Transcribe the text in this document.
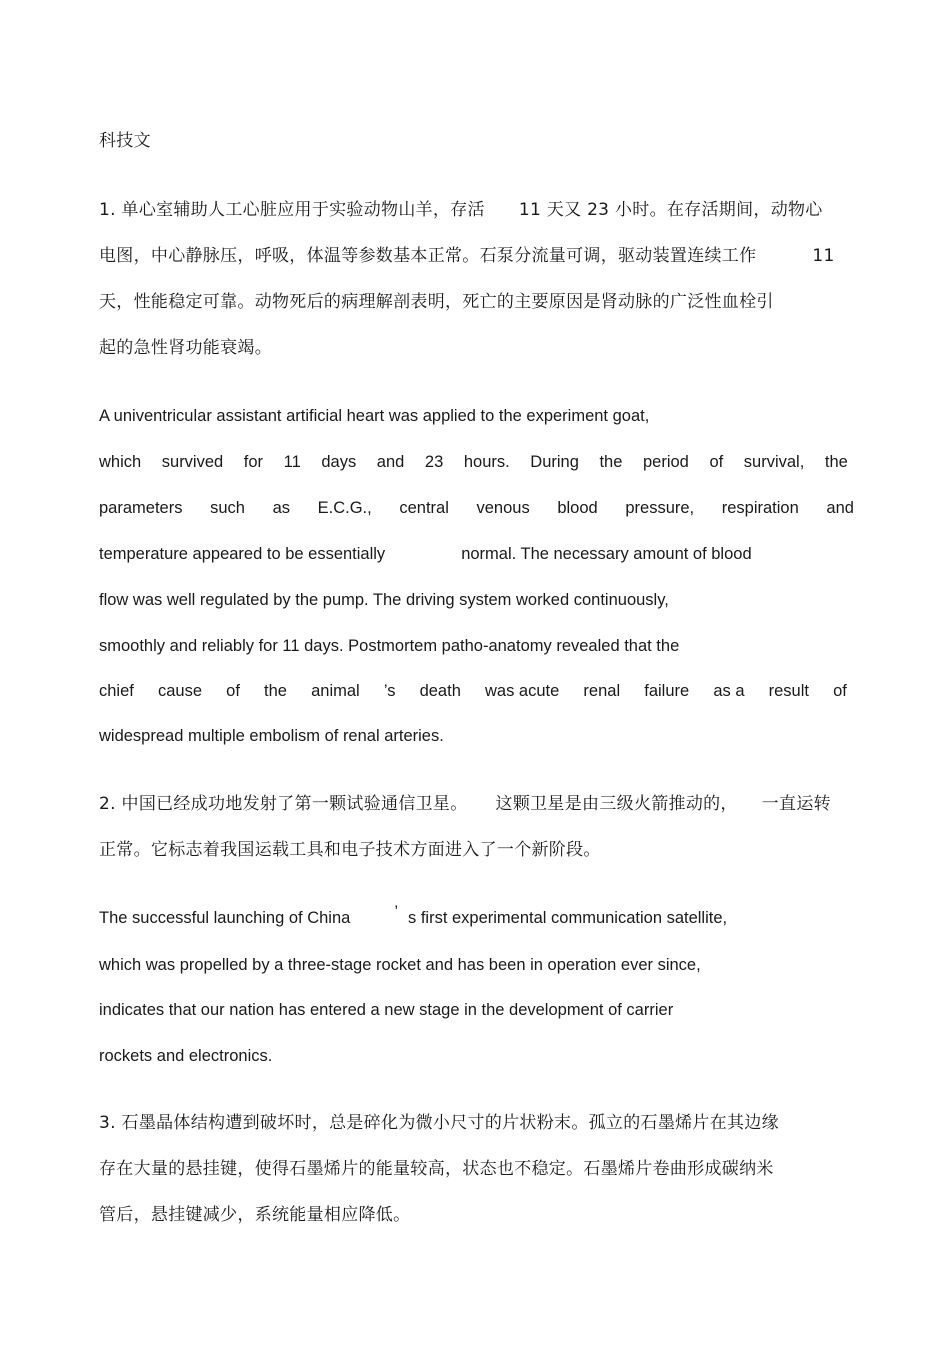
科技文
1. 单心室辅助人工心脏应用于实验动物山羊，存活 11 天又 23 小时。在存活期间，动物心
电图，中心静脉压，呼吸，体温等参数基本正常。石泵分流量可调，驱动装置连续工作	11
天，性能稳定可靠。动物死后的病理解剖表明，死亡的主要原因是肾动脉的广泛性血栓引
起的急性肾功能衰竭。
A univentricular assistant artificial heart was applied to the experiment goat,
which survived for 11 days and 23 hours. During the period of survival, the
parameters such as E.C.G., central venous blood pressure, respiration and
temperature appeared to be essentially	normal. The necessary amount of blood
flow was well regulated by the pump. The driving system worked continuously,
smoothly and reliably for 11 days. Postmortem patho-anatomy revealed that the
chief cause of the animal ’s death was acute renal failure as a result of
widespread multiple embolism of renal arteries.
2. 中国已经成功地发射了第一颗试验通信卫星。 这颗卫星是由三级火箭推动的， 一直运转
正常。它标志着我国运载工具和电子技术方面进入了一个新阶段。
The successful launching of China	’ s first experimental communication satellite,
which was propelled by a three-stage rocket and has been in operation ever since,
indicates that our nation has entered a new stage in the development of carrier
rockets and electronics.
3. 石墨晶体结构遭到破坏时，总是碎化为微小尺寸的片状粉末。孤立的石墨烯片在其边缘
存在大量的悬挂键，使得石墨烯片的能量较高，状态也不稳定。石墨烯片卷曲形成碳纳米
管后，悬挂键减少，系统能量相应降低。
